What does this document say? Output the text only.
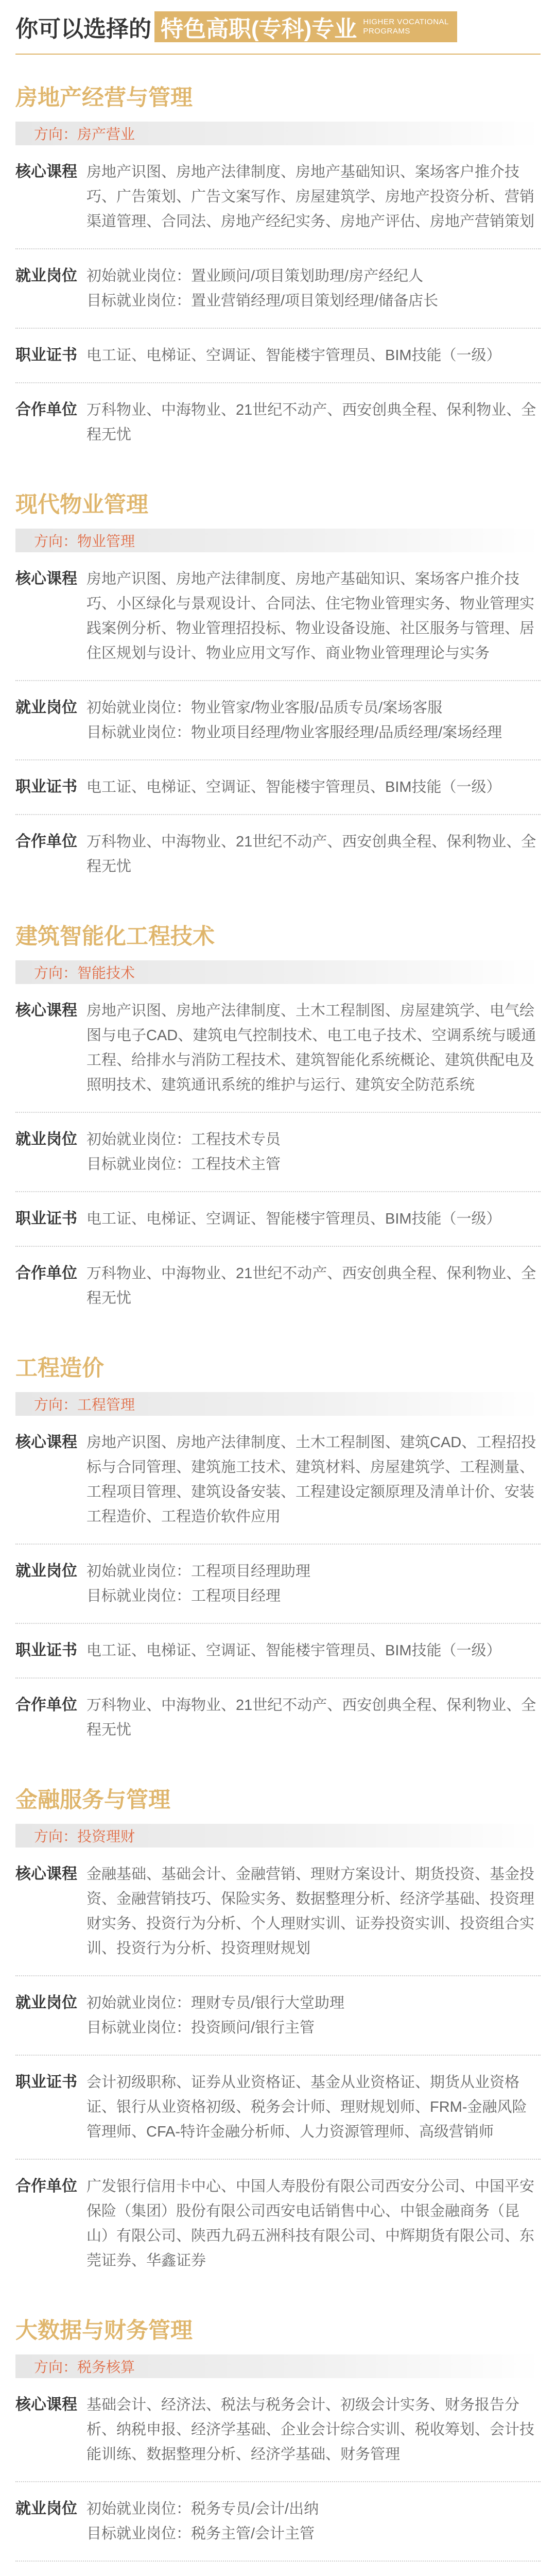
你可以选择的 特色高职(专科)专业 HIGHER VOCATIONAL
PROGRAMS
房地产经营与管理
方向：房产营业
核心课程 房地产识图、房地产法律制度、房地产基础知识、案场客户推介技巧、广告策划、广告文案写作、房屋建筑学、房地产投资分析、营销渠道管理、合同法、房地产经纪实务、房地产评估、房地产营销策划
就业岗位 初始就业岗位：置业顾问/项目策划助理/房产经纪人
目标就业岗位：置业营销经理/项目策划经理/储备店长
职业证书 电工证、电梯证、空调证、智能楼宇管理员、BIM技能（一级）
合作单位 万科物业、中海物业、21世纪不动产、西安创典全程、保利物业、全程无忧
现代物业管理
方向：物业管理
核心课程 房地产识图、房地产法律制度、房地产基础知识、案场客户推介技巧、小区绿化与景观设计、合同法、住宅物业管理实务、物业管理实践案例分析、物业管理招投标、物业设备设施、社区服务与管理、居住区规划与设计、物业应用文写作、商业物业管理理论与实务
就业岗位 初始就业岗位：物业管家/物业客服/品质专员/案场客服
目标就业岗位：物业项目经理/物业客服经理/品质经理/案场经理
职业证书 电工证、电梯证、空调证、智能楼宇管理员、BIM技能（一级）
合作单位 万科物业、中海物业、21世纪不动产、西安创典全程、保利物业、全程无忧
建筑智能化工程技术
方向：智能技术
核心课程 房地产识图、房地产法律制度、土木工程制图、房屋建筑学、电气绘图与电子CAD、建筑电气控制技术、电工电子技术、空调系统与暖通工程、给排水与消防工程技术、建筑智能化系统概论、建筑供配电及照明技术、建筑通讯系统的维护与运行、建筑安全防范系统
就业岗位 初始就业岗位：工程技术专员
目标就业岗位：工程技术主管
职业证书 电工证、电梯证、空调证、智能楼宇管理员、BIM技能（一级）
合作单位 万科物业、中海物业、21世纪不动产、西安创典全程、保利物业、全程无忧
工程造价
方向：工程管理
核心课程 房地产识图、房地产法律制度、土木工程制图、建筑CAD、工程招投标与合同管理、建筑施工技术、建筑材料、房屋建筑学、工程测量、工程项目管理、建筑设备安装、工程建设定额原理及清单计价、安装工程造价、工程造价软件应用
就业岗位 初始就业岗位：工程项目经理助理
目标就业岗位：工程项目经理
职业证书 电工证、电梯证、空调证、智能楼宇管理员、BIM技能（一级）
合作单位 万科物业、中海物业、21世纪不动产、西安创典全程、保利物业、全程无忧
金融服务与管理
方向：投资理财
核心课程 金融基础、基础会计、金融营销、理财方案设计、期货投资、基金投资、金融营销技巧、保险实务、数据整理分析、经济学基础、投资理财实务、投资行为分析、个人理财实训、证券投资实训、投资组合实训、投资行为分析、投资理财规划
就业岗位 初始就业岗位：理财专员/银行大堂助理
目标就业岗位：投资顾问/银行主管
职业证书 会计初级职称、证券从业资格证、基金从业资格证、期货从业资格证、银行从业资格初级、税务会计师、理财规划师、FRM-金融风险管理师、CFA-特许金融分析师、人力资源管理师、高级营销师
合作单位 广发银行信用卡中心、中国人寿股份有限公司西安分公司、中国平安保险（集团）股份有限公司西安电话销售中心、中银金融商务（昆山）有限公司、陕西九码五洲科技有限公司、中辉期货有限公司、东莞证券、华鑫证券
大数据与财务管理
方向：税务核算
核心课程 基础会计、经济法、税法与税务会计、初级会计实务、财务报告分析、纳税申报、经济学基础、企业会计综合实训、税收筹划、会计技能训练、数据整理分析、经济学基础、财务管理
就业岗位 初始就业岗位：税务专员/会计/出纳
目标就业岗位：税务主管/会计主管
